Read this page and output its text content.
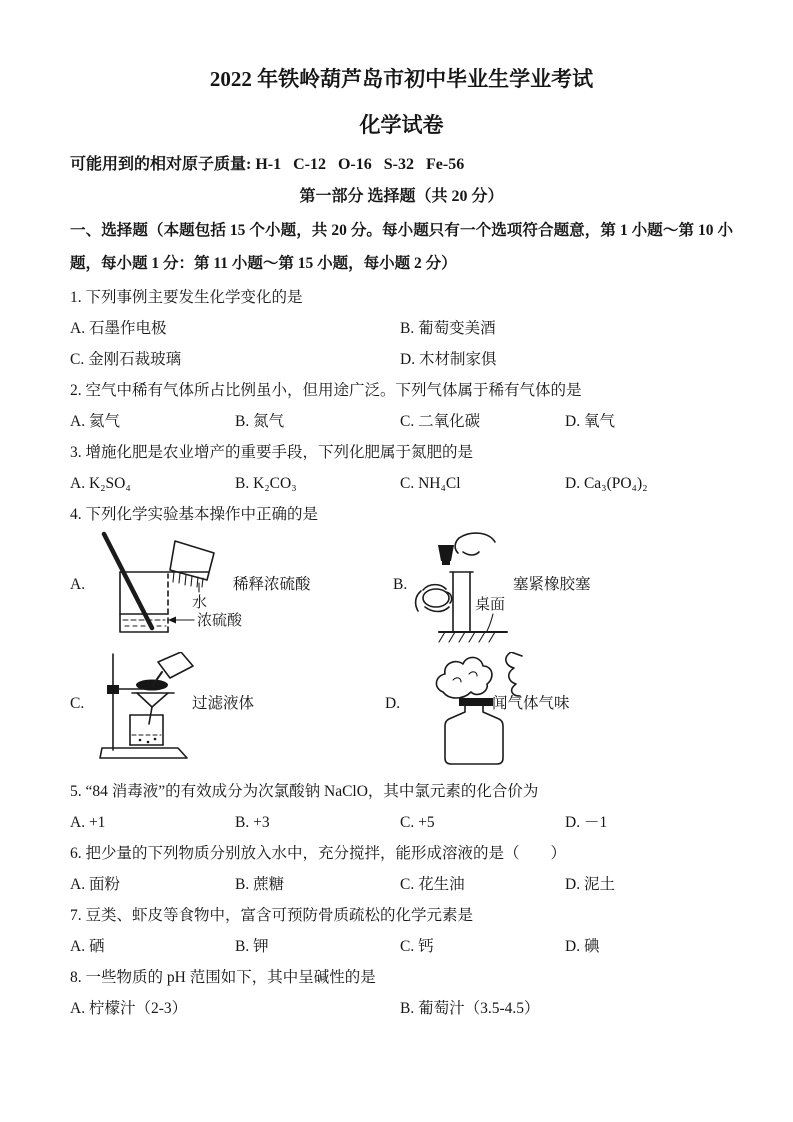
2022 年铁岭葫芦岛市初中毕业生学业考试

化学试卷

可能用到的相对原子质量: H-1   C-12   O-16   S-32   Fe-56

第一部分 选择题（共 20 分）

一、选择题（本题包括 15 个小题，共 20 分。每小题只有一个选项符合题意，第 1 小题～第 10 小题，每小题 1 分：第 11 小题～第 15 小题，每小题 2 分）

1. 下列事例主要发生化学变化的是

A. 石墨作电极	B. 葡萄变美酒
C. 金刚石裁玻璃	D. 木材制家俱

2. 空气中稀有气体所占比例虽小，但用途广泛。下列气体属于稀有气体的是

A. 氦气	B. 氮气	C. 二氧化碳	D. 氧气

3. 增施化肥是农业增产的重要手段，下列化肥属于氮肥的是

A. K₂SO₄	B. K₂CO₃	C. NH₄Cl	D. Ca₃(PO₄)₂

4. 下列化学实验基本操作中正确的是

A.
水
浓硫酸
稀释浓硫酸	B.
桌面
塞紧橡胶塞
C.	过滤液体	D.	闻气体气味

5. “84 消毒液”的有效成分为次氯酸钠 NaClO，其中氯元素的化合价为

A. +1	B. +3	C. +5	D. －1

6. 把少量的下列物质分别放入水中，充分搅拌，能形成溶液的是（　　）

A. 面粉	B. 蔗糖	C. 花生油	D. 泥土

7. 豆类、虾皮等食物中，富含可预防骨质疏松的化学元素是

A. 硒	B. 钾	C. 钙	D. 碘

8. 一些物质的 pH 范围如下，其中呈碱性的是

A. 柠檬汁（2-3）	B. 葡萄汁（3.5-4.5）
